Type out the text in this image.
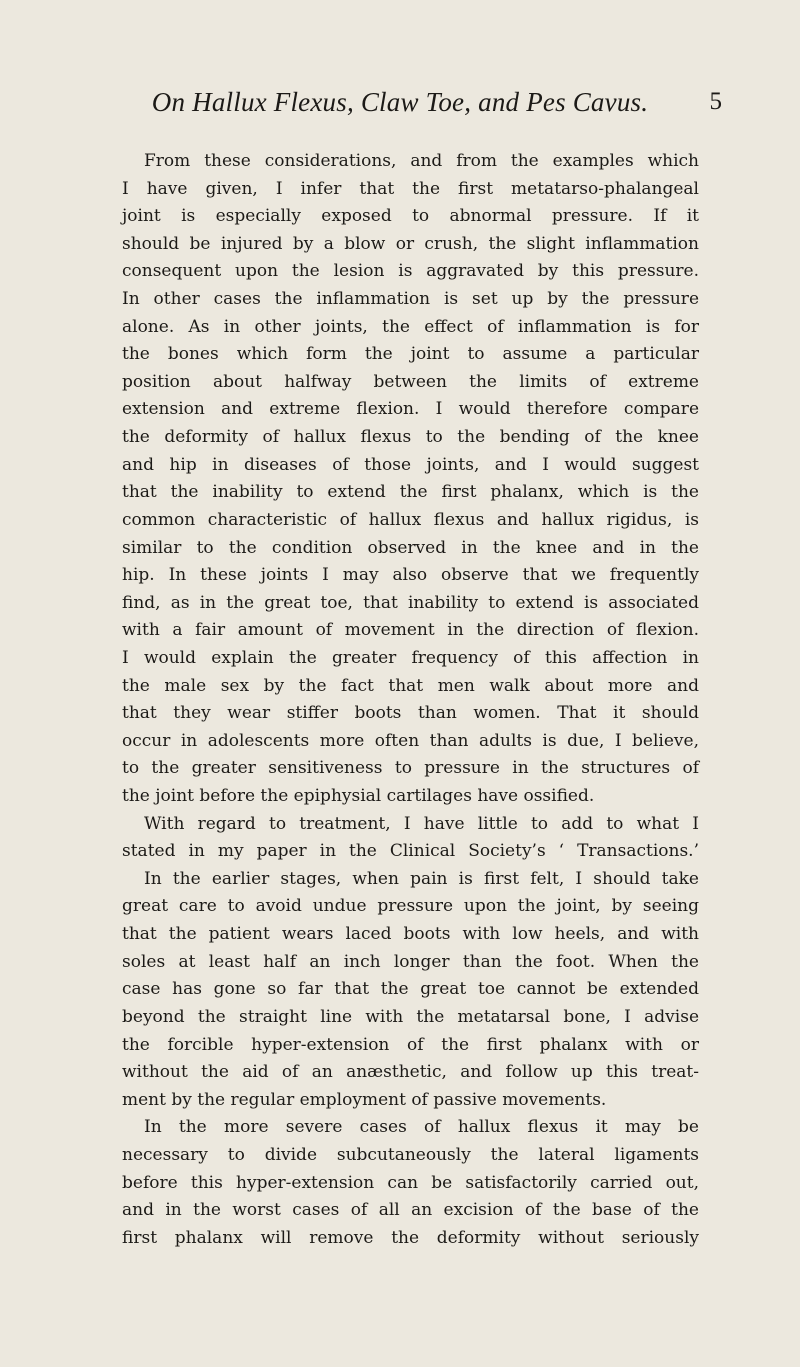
On Hallux Flexus, Claw Toe, and Pes Cavus.	5
From these considerations, and from the examples which
I have given, I infer that the first metatarso-phalangeal
joint is especially exposed to abnormal pressure. If it
should be injured by a blow or crush, the slight inflammation
consequent upon the lesion is aggravated by this pressure.
In other cases the inflammation is set up by the pressure
alone. As in other joints, the effect of inflammation is for
the bones which form the joint to assume a particular
position about halfway between the limits of extreme
extension and extreme flexion. I would therefore compare
the deformity of hallux flexus to the bending of the knee
and hip in diseases of those joints, and I would suggest
that the inability to extend the first phalanx, which is the
common characteristic of hallux flexus and hallux rigidus, is
similar to the condition observed in the knee and in the
hip. In these joints I may also observe that we frequently
find, as in the great toe, that inability to extend is associated
with a fair amount of movement in the direction of flexion.
I would explain the greater frequency of this affection in
the male sex by the fact that men walk about more and
that they wear stiffer boots than women. That it should
occur in adolescents more often than adults is due, I believe,
to the greater sensitiveness to pressure in the structures of
the joint before the epiphysial cartilages have ossified.
With regard to treatment, I have little to add to what I
stated in my paper in the Clinical Society’s ‘ Transactions.’
In the earlier stages, when pain is first felt, I should take
great care to avoid undue pressure upon the joint, by seeing
that the patient wears laced boots with low heels, and with
soles at least half an inch longer than the foot. When the
case has gone so far that the great toe cannot be extended
beyond the straight line with the metatarsal bone, I advise
the forcible hyper-extension of the first phalanx with or
without the aid of an anæsthetic, and follow up this treat-
ment by the regular employment of passive movements.
In the more severe cases of hallux flexus it may be
necessary to divide subcutaneously the lateral ligaments
before this hyper-extension can be satisfactorily carried out,
and in the worst cases of all an excision of the base of the
first phalanx will remove the deformity without seriously
